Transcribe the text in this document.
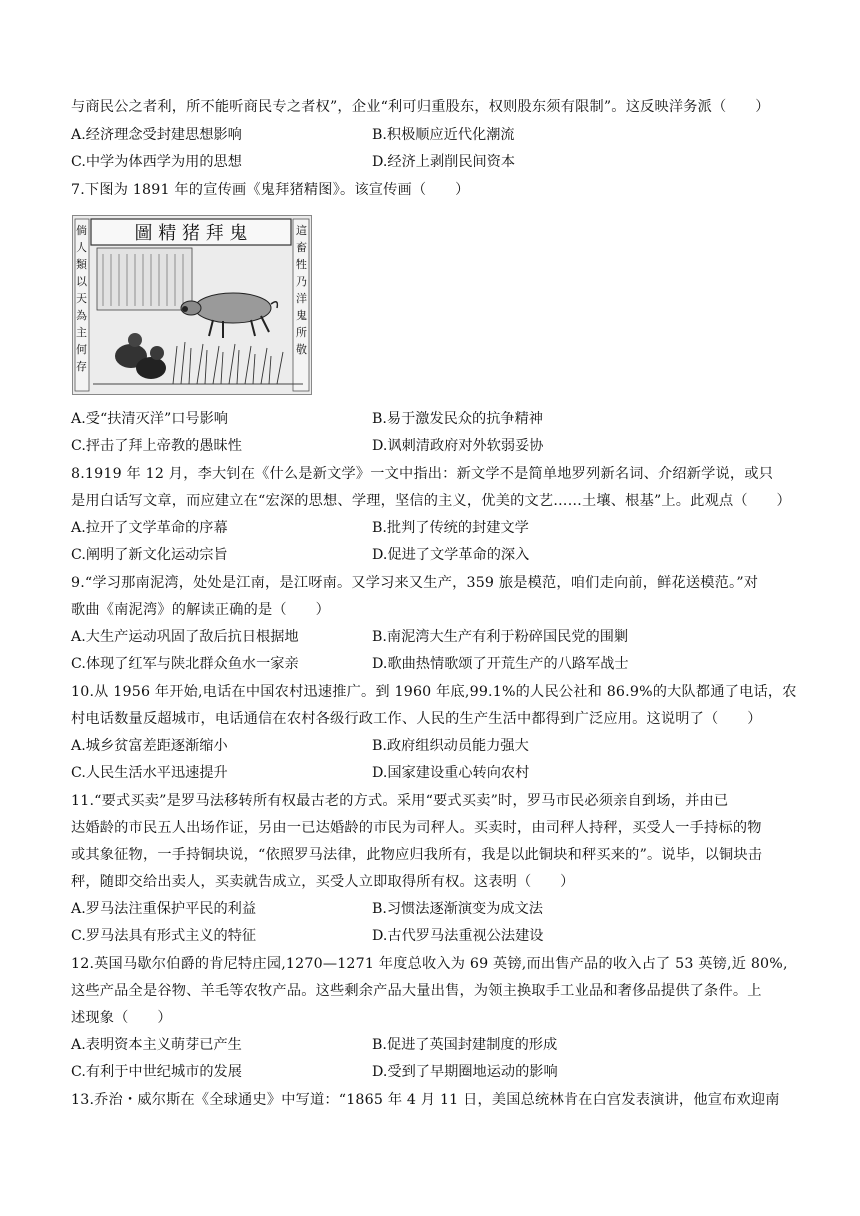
与商民公之者利，所不能听商民专之者权”，企业“利可归重股东，权则股东须有限制”。这反映洋务派（　　）
A.经济理念受封建思想影响	B.积极顺应近代化潮流
C.中学为体西学为用的思想	D.经济上剥削民间资本
7.下图为 1891 年的宣传画《鬼拜猪精图》。该宣传画（　　）
圖 精 猪 拜 鬼
倘人類以天為主何存
這畜牲乃洋鬼所敬
A.受“扶清灭洋”口号影响	B.易于激发民众的抗争精神
C.抨击了拜上帝教的愚昧性	D.讽刺清政府对外软弱妥协
8.1919 年 12 月，李大钊在《什么是新文学》一文中指出：新文学不是简单地罗列新名词、介绍新学说，或只
是用白话写文章，而应建立在“宏深的思想、学理，坚信的主义，优美的文艺……土壤、根基”上。此观点（　　）
A.拉开了文学革命的序幕	B.批判了传统的封建文学
C.阐明了新文化运动宗旨	D.促进了文学革命的深入
9.“学习那南泥湾，处处是江南，是江呀南。又学习来又生产，359 旅是模范，咱们走向前，鲜花送模范。”对
歌曲《南泥湾》的解读正确的是（　　）
A.大生产运动巩固了敌后抗日根据地	B.南泥湾大生产有利于粉碎国民党的围剿
C.体现了红军与陕北群众鱼水一家亲	D.歌曲热情歌颂了开荒生产的八路军战士
10.从 1956 年开始,电话在中国农村迅速推广。到 1960 年底,99.1%的人民公社和 86.9%的大队都通了电话，农
村电话数量反超城市，电话通信在农村各级行政工作、人民的生产生活中都得到广泛应用。这说明了（　　）
A.城乡贫富差距逐渐缩小	B.政府组织动员能力强大
C.人民生活水平迅速提升	D.国家建设重心转向农村
11.“要式买卖”是罗马法移转所有权最古老的方式。采用“要式买卖”时，罗马市民必须亲自到场，并由已
达婚龄的市民五人出场作证，另由一已达婚龄的市民为司秤人。买卖时，由司秤人持秤，买受人一手持标的物
或其象征物，一手持铜块说，“依照罗马法律，此物应归我所有，我是以此铜块和秤买来的”。说毕，以铜块击
秤，随即交给出卖人，买卖就告成立，买受人立即取得所有权。这表明（　　）
A.罗马法注重保护平民的利益	B.习惯法逐渐演变为成文法
C.罗马法具有形式主义的特征	D.古代罗马法重视公法建设
12.英国马歇尔伯爵的肯尼特庄园,1270—1271 年度总收入为 69 英镑,而出售产品的收入占了 53 英镑,近 80%,
这些产品全是谷物、羊毛等农牧产品。这些剩余产品大量出售，为领主换取手工业品和奢侈品提供了条件。上
述现象（　　）
A.表明资本主义萌芽已产生	B.促进了英国封建制度的形成
C.有利于中世纪城市的发展	D.受到了早期圈地运动的影响
13.乔治・威尔斯在《全球通史》中写道：“1865 年 4 月 11 日，美国总统林肯在白宫发表演讲，他宣布欢迎南
